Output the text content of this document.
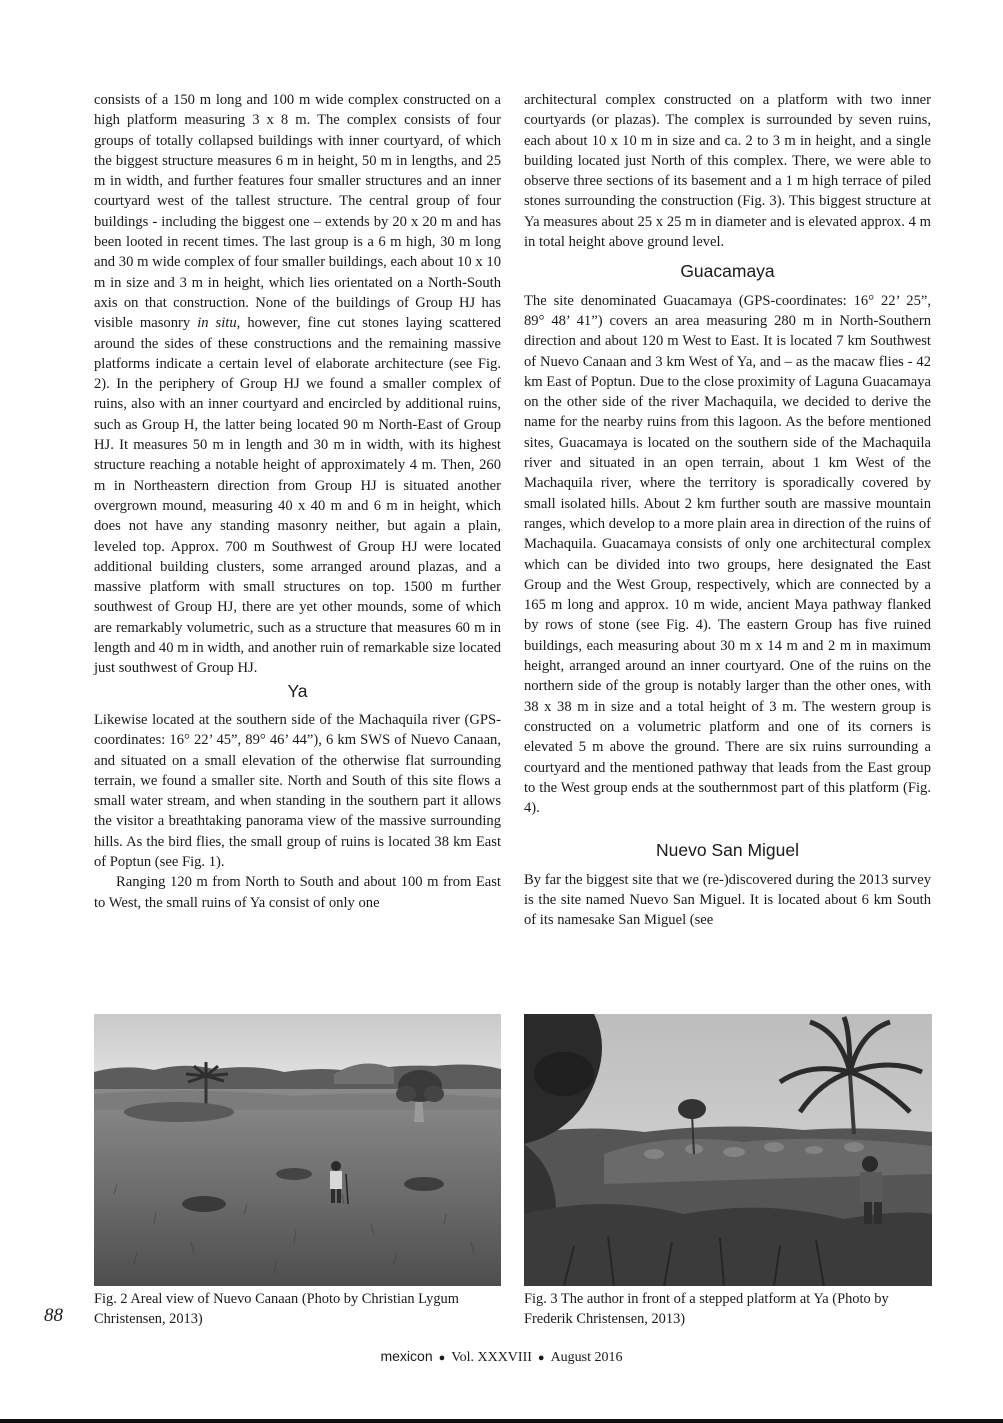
consists of a 150 m long and 100 m wide complex constructed on a high platform measuring 3 x 8 m. The complex consists of four groups of totally collapsed buildings with inner courtyard, of which the biggest structure measures 6 m in height, 50 m in lengths, and 25 m in width, and further features four smaller structures and an inner courtyard west of the tallest structure. The central group of four buildings - including the biggest one – extends by 20 x 20 m and has been looted in recent times. The last group is a 6 m high, 30 m long and 30 m wide complex of four smaller buildings, each about 10 x 10 m in size and 3 m in height, which lies orientated on a North-South axis on that construction. None of the buildings of Group HJ has visible masonry in situ, however, fine cut stones laying scattered around the sides of these constructions and the remaining massive platforms indicate a certain level of elaborate architecture (see Fig. 2). In the periphery of Group HJ we found a smaller complex of ruins, also with an inner courtyard and encircled by additional ruins, such as Group H, the latter being located 90 m North-East of Group HJ. It measures 50 m in length and 30 m in width, with its highest structure reaching a notable height of approximately 4 m. Then, 260 m in Northeastern direction from Group HJ is situated another overgrown mound, measuring 40 x 40 m and 6 m in height, which does not have any standing masonry neither, but again a plain, leveled top. Approx. 700 m Southwest of Group HJ were located additional building clusters, some arranged around plazas, and a massive platform with small structures on top. 1500 m further southwest of Group HJ, there are yet other mounds, some of which are remarkably volumetric, such as a structure that measures 60 m in length and 40 m in width, and another ruin of remarkable size located just southwest of Group HJ.

Ya

Likewise located at the southern side of the Machaquila river (GPS-coordinates: 16° 22’ 45”, 89° 46’ 44”), 6 km SWS of Nuevo Canaan, and situated on a small elevation of the otherwise flat surrounding terrain, we found a smaller site. North and South of this site flows a small water stream, and when standing in the southern part it allows the visitor a breathtaking panorama view of the massive surrounding hills. As the bird flies, the small group of ruins is located 38 km East of Poptun (see Fig. 1).

Ranging 120 m from North to South and about 100 m from East to West, the small ruins of Ya consist of only one

architectural complex constructed on a platform with two inner courtyards (or plazas). The complex is surrounded by seven ruins, each about 10 x 10 m in size and ca. 2 to 3 m in height, and a single building located just North of this complex. There, we were able to observe three sections of its basement and a 1 m high terrace of piled stones surrounding the construction (Fig. 3). This biggest structure at Ya measures about 25 x 25 m in diameter and is elevated approx. 4 m in total height above ground level.

Guacamaya

The site denominated Guacamaya (GPS-coordinates: 16° 22’ 25”, 89° 48’ 41”) covers an area measuring 280 m in North-Southern direction and about 120 m West to East. It is located 7 km Southwest of Nuevo Canaan and 3 km West of Ya, and – as the macaw flies - 42 km East of Poptun. Due to the close proximity of Laguna Guacamaya on the other side of the river Machaquila, we decided to derive the name for the nearby ruins from this lagoon. As the before mentioned sites, Guacamaya is located on the southern side of the Machaquila river and situated in an open terrain, about 1 km West of the Machaquila river, where the territory is sporadically covered by small isolated hills. About 2 km further south are massive mountain ranges, which develop to a more plain area in direction of the ruins of Machaquila. Guacamaya consists of only one architectural complex which can be divided into two groups, here designated the East Group and the West Group, respectively, which are connected by a 165 m long and approx. 10 m wide, ancient Maya pathway flanked by rows of stone (see Fig. 4). The eastern Group has five ruined buildings, each measuring about 30 m x 14 m and 2 m in maximum height, arranged around an inner courtyard. One of the ruins on the northern side of the group is notably larger than the other ones, with 38 x 38 m in size and a total height of 3 m. The western group is constructed on a volumetric platform and one of its corners is elevated 5 m above the ground. There are six ruins surrounding a courtyard and the mentioned pathway that leads from the East group to the West group ends at the southernmost part of this platform (Fig. 4).

Nuevo San Miguel

By far the biggest site that we (re-)discovered during the 2013 survey is the site named Nuevo San Miguel. It is located about 6 km South of its namesake San Miguel (see

Fig. 2 Areal view of Nuevo Canaan (Photo by Christian Lygum Christensen, 2013)
Fig. 3 The author in front of a stepped platform at Ya (Photo by Frederik Christensen, 2013)
88
mexicon ● Vol. XXXVIII ● August 2016
